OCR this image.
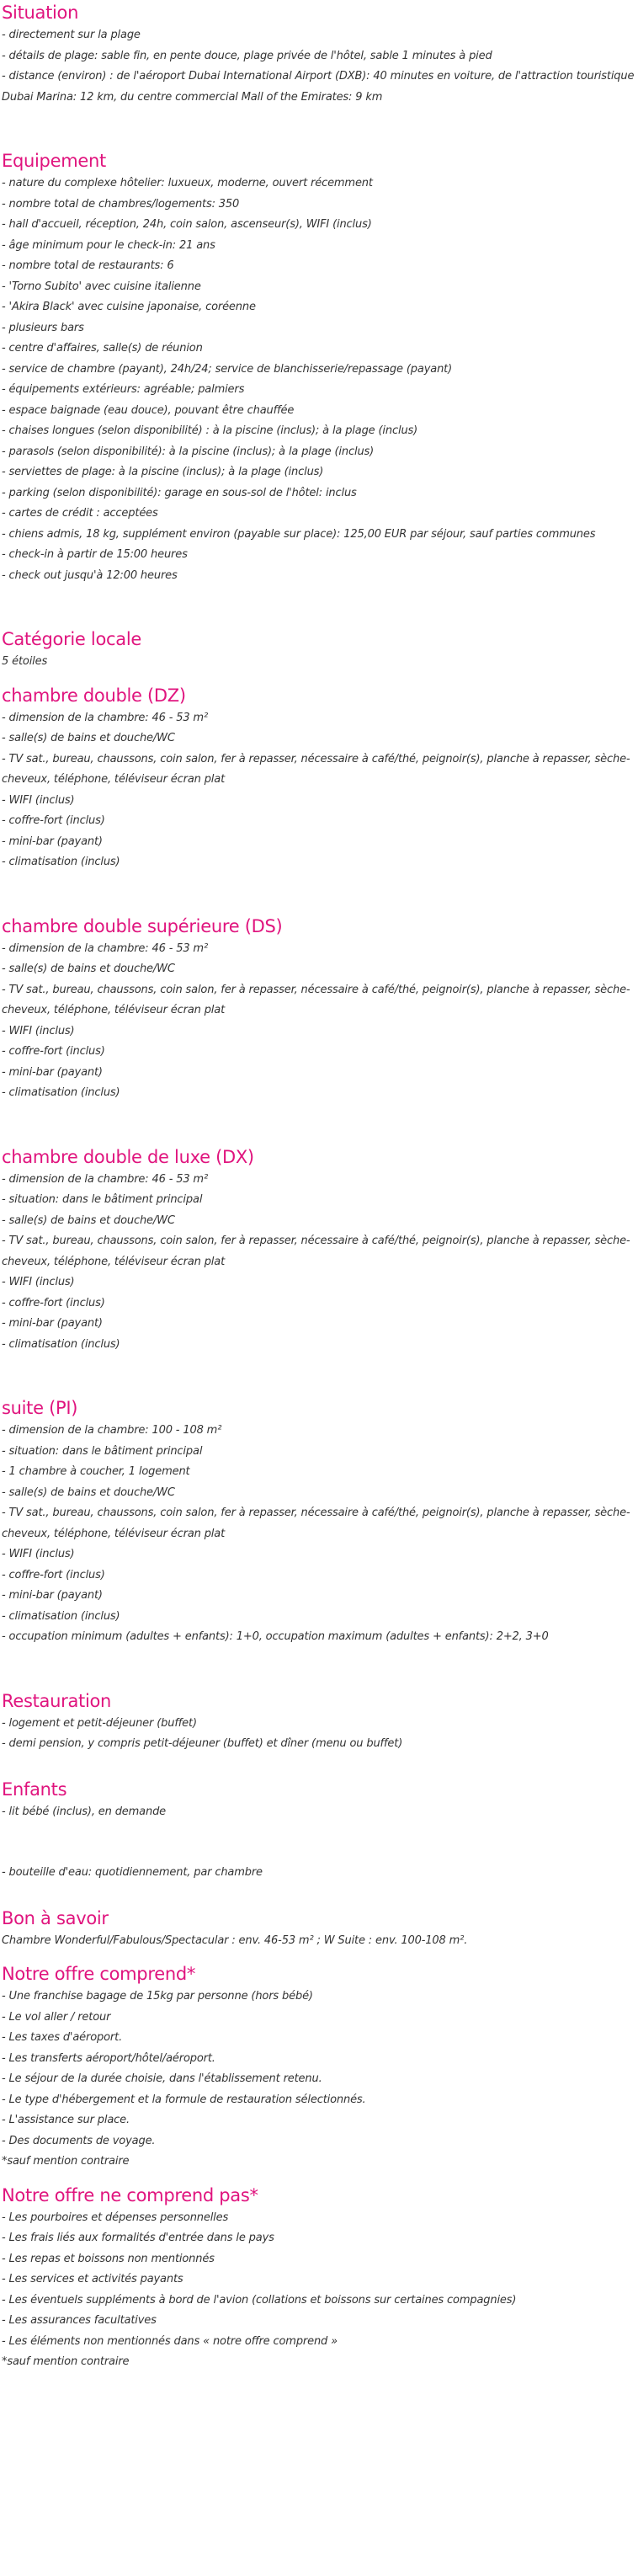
Situation

- directement sur la plage

- détails de plage: sable fin, en pente douce, plage privée de l'hôtel, sable 1 minutes à pied

- distance (environ) : de l'aéroport Dubai International Airport (DXB): 40 minutes en voiture, de l'attraction touristique

Dubai Marina: 12 km, du centre commercial Mall of the Emirates: 9 km

Equipement

- nature du complexe hôtelier: luxueux, moderne, ouvert récemment

- nombre total de chambres/logements: 350

- hall d'accueil, réception, 24h, coin salon, ascenseur(s), WIFI (inclus)

- âge minimum pour le check-in: 21 ans

- nombre total de restaurants: 6

- 'Torno Subito' avec cuisine italienne

- 'Akira Black' avec cuisine japonaise, coréenne

- plusieurs bars

- centre d'affaires, salle(s) de réunion

- service de chambre (payant), 24h/24; service de blanchisserie/repassage (payant)

- équipements extérieurs: agréable; palmiers

- espace baignade (eau douce), pouvant être chauffée

- chaises longues (selon disponibilité) : à la piscine (inclus); à la plage (inclus)

- parasols (selon disponibilité): à la piscine (inclus); à la plage (inclus)

- serviettes de plage: à la piscine (inclus); à la plage (inclus)

- parking (selon disponibilité): garage en sous-sol de l'hôtel: inclus

- cartes de crédit : acceptées

- chiens admis, 18 kg, supplément environ (payable sur place): 125,00 EUR par séjour, sauf parties communes

- check-in à partir de 15:00 heures

- check out jusqu'à 12:00 heures

Catégorie locale

5 étoiles

chambre double (DZ)

- dimension de la chambre: 46 - 53 m²

- salle(s) de bains et douche/WC

- TV sat., bureau, chaussons, coin salon, fer à repasser, nécessaire à café/thé, peignoir(s), planche à repasser, sèche-

cheveux, téléphone, téléviseur écran plat

- WIFI (inclus)

- coffre-fort (inclus)

- mini-bar (payant)

- climatisation (inclus)

chambre double supérieure (DS)

- dimension de la chambre: 46 - 53 m²

- salle(s) de bains et douche/WC

- TV sat., bureau, chaussons, coin salon, fer à repasser, nécessaire à café/thé, peignoir(s), planche à repasser, sèche-

cheveux, téléphone, téléviseur écran plat

- WIFI (inclus)

- coffre-fort (inclus)

- mini-bar (payant)

- climatisation (inclus)

chambre double de luxe (DX)

- dimension de la chambre: 46 - 53 m²

- situation: dans le bâtiment principal

- salle(s) de bains et douche/WC

- TV sat., bureau, chaussons, coin salon, fer à repasser, nécessaire à café/thé, peignoir(s), planche à repasser, sèche-

cheveux, téléphone, téléviseur écran plat

- WIFI (inclus)

- coffre-fort (inclus)

- mini-bar (payant)

- climatisation (inclus)

suite (PI)

- dimension de la chambre: 100 - 108 m²

- situation: dans le bâtiment principal

- 1 chambre à coucher, 1 logement

- salle(s) de bains et douche/WC

- TV sat., bureau, chaussons, coin salon, fer à repasser, nécessaire à café/thé, peignoir(s), planche à repasser, sèche-

cheveux, téléphone, téléviseur écran plat

- WIFI (inclus)

- coffre-fort (inclus)

- mini-bar (payant)

- climatisation (inclus)

- occupation minimum (adultes + enfants): 1+0, occupation maximum (adultes + enfants): 2+2, 3+0

Restauration

- logement et petit-déjeuner (buffet)

- demi pension, y compris petit-déjeuner (buffet) et dîner (menu ou buffet)

Enfants

- lit bébé (inclus), en demande

- bouteille d'eau: quotidiennement, par chambre

Bon à savoir

Chambre Wonderful/Fabulous/Spectacular : env. 46-53 m² ; W Suite : env. 100-108 m².

Notre offre comprend*

- Une franchise bagage de 15kg par personne (hors bébé)

- Le vol aller / retour

- Les taxes d'aéroport.

- Les transferts aéroport/hôtel/aéroport.

- Le séjour de la durée choisie, dans l'établissement retenu.

- Le type d'hébergement et la formule de restauration sélectionnés.

- L'assistance sur place.

- Des documents de voyage.

*sauf mention contraire

Notre offre ne comprend pas*

- Les pourboires et dépenses personnelles

- Les frais liés aux formalités d'entrée dans le pays

- Les repas et boissons non mentionnés

- Les services et activités payants

- Les éventuels suppléments à bord de l'avion (collations et boissons sur certaines compagnies)

- Les assurances facultatives

- Les éléments non mentionnés dans « notre offre comprend »

*sauf mention contraire
